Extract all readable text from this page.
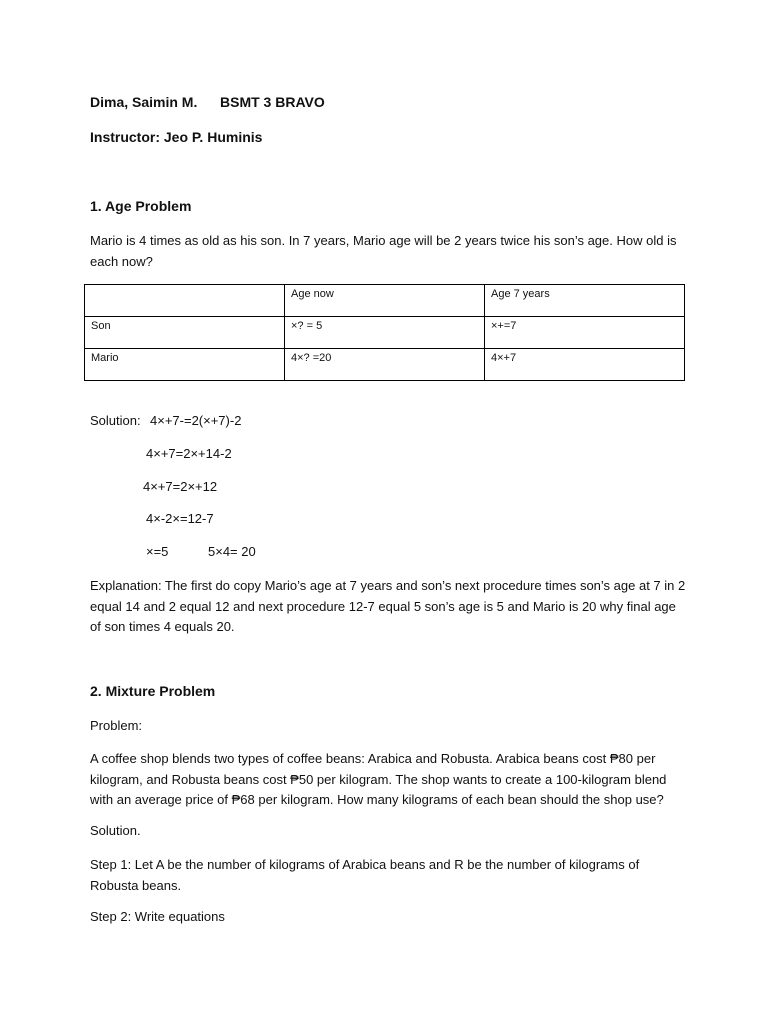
Dima, Saimin M. BSMT 3 BRAVO
Instructor: Jeo P. Huminis
1. Age Problem
Mario is 4 times as old as his son. In 7 years, Mario age will be 2 years twice his son’s age. How old is each now?
	Age now	Age 7 years
Son	×? = 5	×+=7
Mario	4×? =20	4×+7
Solution: 4×+7-=2(×+7)-2
4×+7=2×+14-2
4×+7=2×+12
4×-2×=12-7
×=5	5×4= 20
Explanation: The first do copy Mario’s age at 7 years and son’s next procedure times son’s age at 7 in 2 equal 14 and 2 equal 12 and next procedure 12-7 equal 5 son’s age is 5 and Mario is 20 why final age of son times 4 equals 20.
2. Mixture Problem
Problem:
A coffee shop blends two types of coffee beans: Arabica and Robusta. Arabica beans cost ₱80 per kilogram, and Robusta beans cost ₱50 per kilogram. The shop wants to create a 100-kilogram blend with an average price of ₱68 per kilogram. How many kilograms of each bean should the shop use?
Solution.
Step 1: Let A be the number of kilograms of Arabica beans and R be the number of kilograms of Robusta beans.
Step 2: Write equations
